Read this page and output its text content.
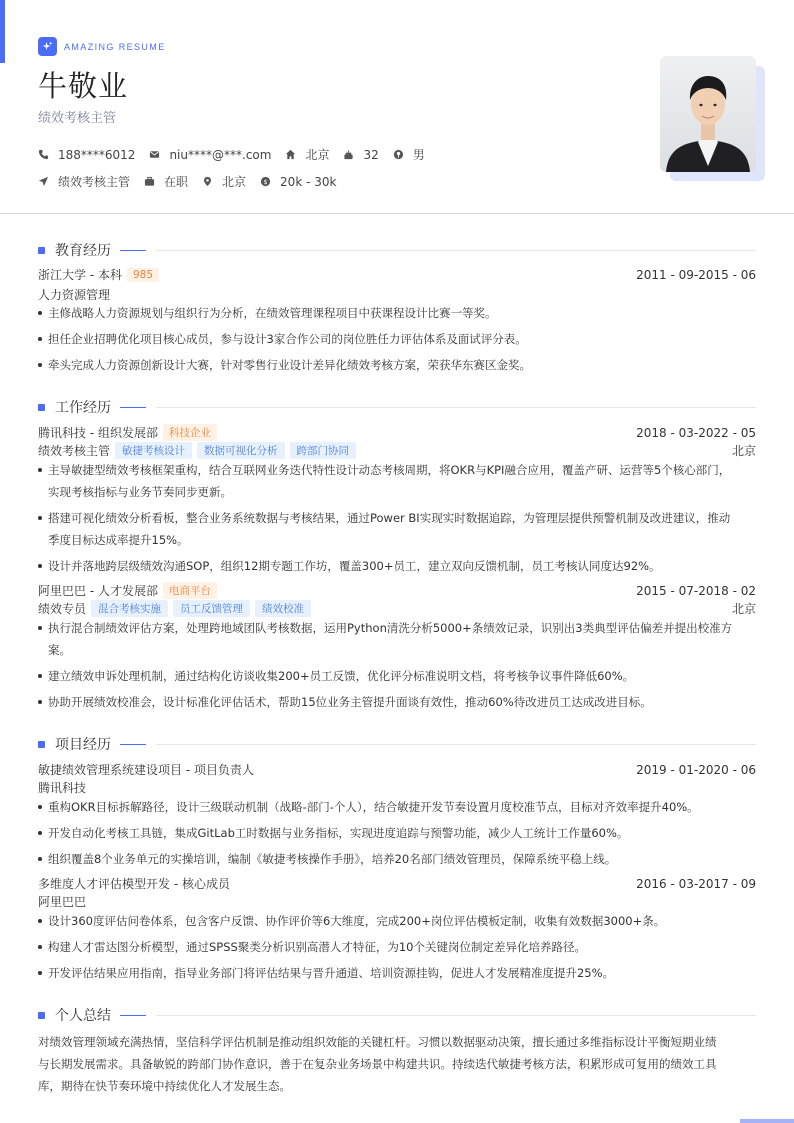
AMAZING RESUME
牛敬业
绩效考核主管
188****6012	niu****@***.com	北京	32	男
绩效考核主管	在职	北京 $ 20k - 30k
教育经历
浙江大学 - 本科	985	2011 - 09-2015 - 06
人力资源管理
主修战略人力资源规划与组织行为分析，在绩效管理课程项目中获课程设计比赛一等奖。
担任企业招聘优化项目核心成员，参与设计3家合作公司的岗位胜任力评估体系及面试评分表。
牵头完成人力资源创新设计大赛，针对零售行业设计差异化绩效考核方案，荣获华东赛区金奖。
工作经历
腾讯科技 - 组织发展部	科技企业	2018 - 03-2022 - 05
绩效考核主管	敏捷考核设计	数据可视化分析	跨部门协同	北京
主导敏捷型绩效考核框架重构，结合互联网业务迭代特性设计动态考核周期，将OKR与KPI融合应用，覆盖产研、运营等5个核心部门，
实现考核指标与业务节奏同步更新。
搭建可视化绩效分析看板，整合业务系统数据与考核结果，通过Power BI实现实时数据追踪，为管理层提供预警机制及改进建议，推动
季度目标达成率提升15%。
设计并落地跨层级绩效沟通SOP，组织12期专题工作坊，覆盖300+员工，建立双向反馈机制，员工考核认同度达92%。
阿里巴巴 - 人才发展部	电商平台	2015 - 07-2018 - 02
绩效专员	混合考核实施	员工反馈管理	绩效校准	北京
执行混合制绩效评估方案，处理跨地域团队考核数据，运用Python清洗分析5000+条绩效记录，识别出3类典型评估偏差并提出校准方
案。
建立绩效申诉处理机制，通过结构化访谈收集200+员工反馈，优化评分标准说明文档，将考核争议事件降低60%。
协助开展绩效校准会，设计标准化评估话术，帮助15位业务主管提升面谈有效性，推动60%待改进员工达成改进目标。
项目经历
敏捷绩效管理系统建设项目 - 项目负责人	2019 - 01-2020 - 06
腾讯科技
重构OKR目标拆解路径，设计三级联动机制（战略-部门-个人），结合敏捷开发节奏设置月度校准节点，目标对齐效率提升40%。
开发自动化考核工具链，集成GitLab工时数据与业务指标，实现进度追踪与预警功能，减少人工统计工作量60%。
组织覆盖8个业务单元的实操培训，编制《敏捷考核操作手册》，培养20名部门绩效管理员，保障系统平稳上线。
多维度人才评估模型开发 - 核心成员	2016 - 03-2017 - 09
阿里巴巴
设计360度评估问卷体系，包含客户反馈、协作评价等6大维度，完成200+岗位评估模板定制，收集有效数据3000+条。
构建人才雷达图分析模型，通过SPSS聚类分析识别高潜人才特征，为10个关键岗位制定差异化培养路径。
开发评估结果应用指南，指导业务部门将评估结果与晋升通道、培训资源挂钩，促进人才发展精准度提升25%。
个人总结
对绩效管理领域充满热情，坚信科学评估机制是推动组织效能的关键杠杆。习惯以数据驱动决策，擅长通过多维指标设计平衡短期业绩
与长期发展需求。具备敏锐的跨部门协作意识，善于在复杂业务场景中构建共识。持续迭代敏捷考核方法，积累形成可复用的绩效工具
库，期待在快节奏环境中持续优化人才发展生态。
